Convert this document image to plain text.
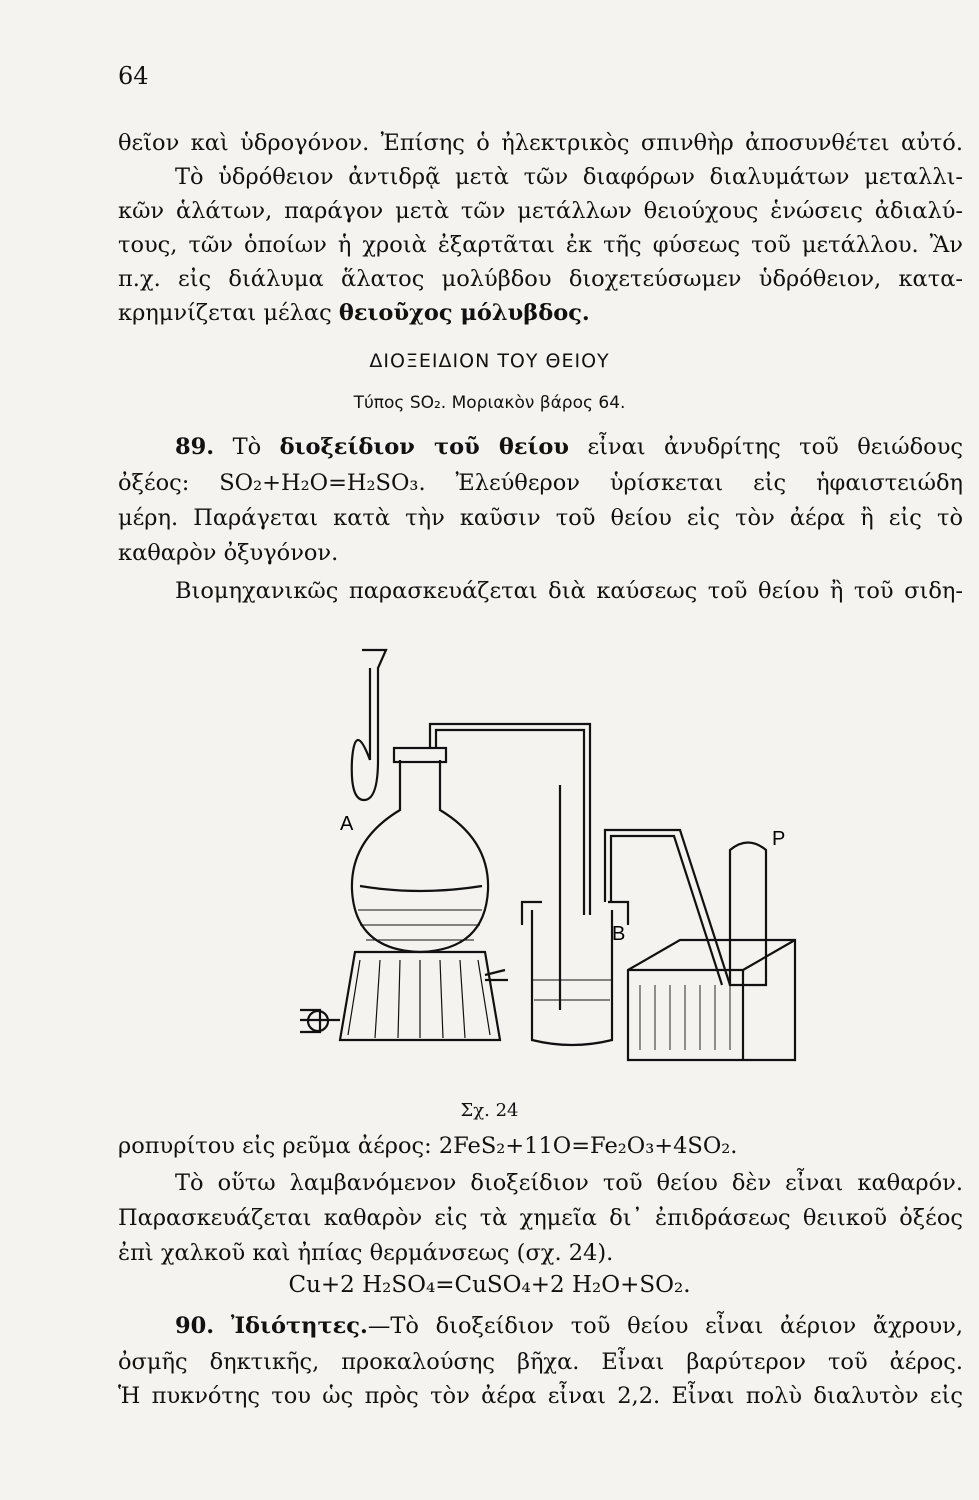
64
θεῖον καὶ ὑδρογόνον. Ἐπίσης ὁ ἠλεκτρικὸς σπινθὴρ ἀποσυνθέτει αὐτό.
Τὸ ὑδρόθειον ἀντιδρᾷ μετὰ τῶν διαφόρων διαλυμάτων μεταλλι-
κῶν ἁλάτων, παράγον μετὰ τῶν μετάλλων θειούχους ἑνώσεις ἀδιαλύ-
τους, τῶν ὁποίων ἡ χροιὰ ἐξαρτᾶται ἐκ τῆς φύσεως τοῦ μετάλλου. Ἂν
π.χ. εἰς διάλυμα ἅλατος μολύβδου διοχετεύσωμεν ὑδρόθειον, κατα-
κρημνίζεται μέλας θειοῦχος μόλυβδος.
ΔΙΟΞΕΙΔΙΟΝ ΤΟΥ ΘΕΙΟΥ
Τύπος SO₂. Μοριακὸν βάρος 64.
89. Τὸ διοξείδιον τοῦ θείου εἶναι ἀνυδρίτης τοῦ θειώδους
ὀξέος: SO₂+H₂O=H₂SO₃. Ἐλεύθερον ὑρίσκεται εἰς ἡφαιστειώδη
μέρη. Παράγεται κατὰ τὴν καῦσιν τοῦ θείου εἰς τὸν ἀέρα ἢ εἰς τὸ
καθαρὸν ὀξυγόνον.
Βιομηχανικῶς παρασκευάζεται διὰ καύσεως τοῦ θείου ἢ τοῦ σιδη-
A
B
P
Σχ. 24
ροπυρίτου εἰς ρεῦμα ἀέρος: 2FeS₂+11O=Fe₂O₃+4SO₂.
Τὸ οὕτω λαμβανόμενον διοξείδιον τοῦ θείου δὲν εἶναι καθαρόν.
Παρασκευάζεται καθαρὸν εἰς τὰ χημεῖα δι᾽ ἐπιδράσεως θειικοῦ ὀξέος
ἐπὶ χαλκοῦ καὶ ἠπίας θερμάνσεως (σχ. 24).
Cu+2 H₂SO₄=CuSO₄+2 H₂O+SO₂.
90. Ἰδιότητες.—Τὸ διοξείδιον τοῦ θείου εἶναι ἀέριον ἄχρουν,
ὀσμῆς δηκτικῆς, προκαλούσης βῆχα. Εἶναι βαρύτερον τοῦ ἀέρος.
Ἡ πυκνότης του ὡς πρὸς τὸν ἀέρα εἶναι 2,2. Εἶναι πολὺ διαλυτὸν εἰς
